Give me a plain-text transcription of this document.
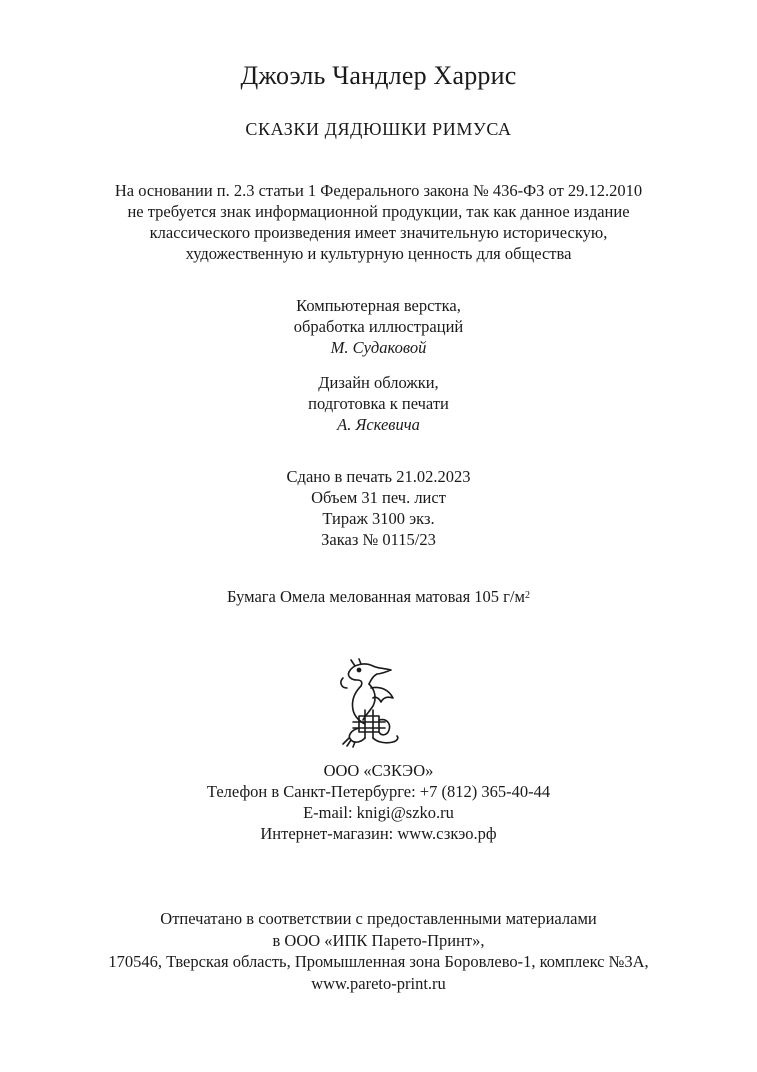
Джоэль Чандлер Харрис
СКАЗКИ ДЯДЮШКИ РИМУСА
На основании п. 2.3 статьи 1 Федерального закона № 436-ФЗ от 29.12.2010
не требуется знак информационной продукции, так как данное издание
классического произведения имеет значительную историческую,
художественную и культурную ценность для общества
Компьютерная верстка,
обработка иллюстраций
М. Судаковой
Дизайн обложки,
подготовка к печати
А. Яскевича
Сдано в печать 21.02.2023
Объем 31 печ. лист
Тираж 3100 экз.
Заказ № 0115/23
Бумага Омела мелованная матовая 105 $г/м^2$
ООО «СЗКЭО»
Телефон в Санкт-Петербурге: +7 (812) 365-40-44
E-mail: knigi@szko.ru
Интернет-магазин: www.сзкэо.рф
Отпечатано в соответствии с предоставленными материалами
в ООО «ИПК Парето-Принт»,
170546, Тверская область, Промышленная зона Боровлево-1, комплекс №3А,
www.pareto-print.ru
